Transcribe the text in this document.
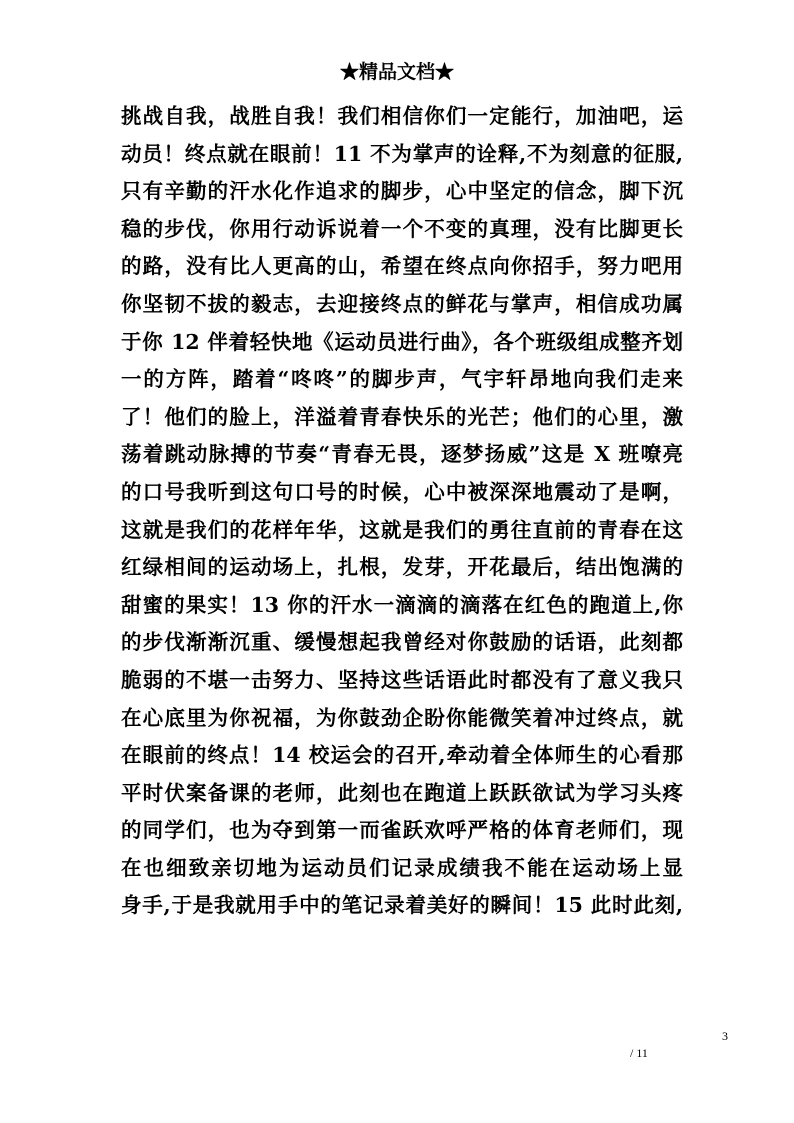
★精品文档★
挑战自我，战胜自我！我们相信你们一定能行，加油吧，运
动员！终点就在眼前！11 不为掌声的诠释,不为刻意的征服,
只有辛勤的汗水化作追求的脚步，心中坚定的信念，脚下沉
稳的步伐，你用行动诉说着一个不变的真理，没有比脚更长
的路，没有比人更高的山，希望在终点向你招手，努力吧用
你坚韧不拔的毅志，去迎接终点的鲜花与掌声，相信成功属
于你 12 伴着轻快地《运动员进行曲》，各个班级组成整齐划
一的方阵，踏着“咚咚”的脚步声，气宇轩昂地向我们走来
了！他们的脸上，洋溢着青春快乐的光芒；他们的心里，激
荡着跳动脉搏的节奏“青春无畏，逐梦扬威”这是 X 班嘹亮
的口号我听到这句口号的时候，心中被深深地震动了是啊，
这就是我们的花样年华，这就是我们的勇往直前的青春在这
红绿相间的运动场上，扎根，发芽，开花最后，结出饱满的
甜蜜的果实！13 你的汗水一滴滴的滴落在红色的跑道上,你
的步伐渐渐沉重、缓慢想起我曾经对你鼓励的话语，此刻都
脆弱的不堪一击努力、坚持这些话语此时都没有了意义我只
在心底里为你祝福，为你鼓劲企盼你能微笑着冲过终点，就
在眼前的终点！14 校运会的召开,牵动着全体师生的心看那
平时伏案备课的老师，此刻也在跑道上跃跃欲试为学习头疼
的同学们，也为夺到第一而雀跃欢呼严格的体育老师们，现
在也细致亲切地为运动员们记录成绩我不能在运动场上显
身手,于是我就用手中的笔记录着美好的瞬间！15 此时此刻,
3
/ 11
